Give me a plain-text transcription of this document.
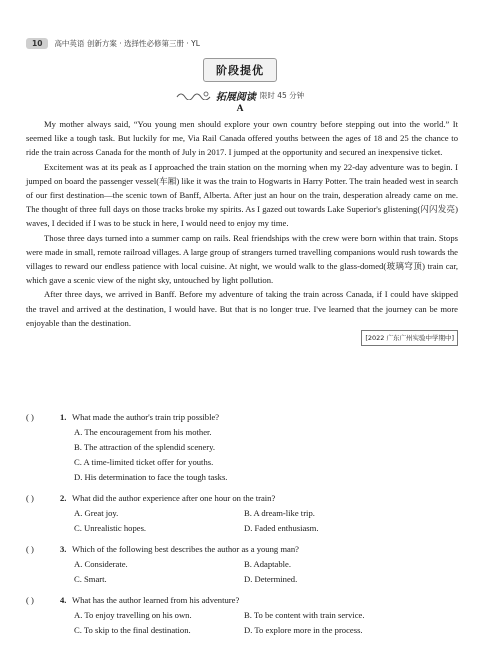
10	高中英语 创新方案 · 选择性必修第三册 · YL
阶段提优
拓展阅读 限时 45 分钟
A

My mother always said, “You young men should explore your own country before stepping out into the world.” It seemed like a tough task. But luckily for me, Via Rail Canada offered youths between the ages of 18 and 25 the chance to ride the train across Canada for the month of July in 2017. I jumped at the opportunity and secured an inexpensive ticket.

Excitement was at its peak as I approached the train station on the morning when my 22-day adventure was to begin. I jumped on board the passenger vessel(车厢) like it was the train to Hogwarts in Harry Potter. The train headed west in search of our first destination—the scenic town of Banff, Alberta. After just an hour on the train, desperation already came on me. The thought of three full days on those tracks broke my spirits. As I gazed out towards Lake Superior's glistening(闪闪发亮) waves, I decided if I was to be stuck in here, I would need to enjoy my time.

Those three days turned into a summer camp on rails. Real friendships with the crew were born within that train. Stops were made in small, remote railroad villages. A large group of strangers turned travelling companions would rush towards the villages to reward our endless patience with local cuisine. At night, we would walk to the glass-domed(玻璃穹顶) train car, which gave a scenic view of the night sky, untouched by light pollution.

After three days, we arrived in Banff. Before my adventure of taking the train across Canada, if I could have skipped the travel and arrived at the destination, I would have. But that is no longer true. I've learned that the journey can be more enjoyable than the destination.

[2022 广东广州实验中学期中]
( )	1. What made the author's train trip possible?
A. The encouragement from his mother.
B. The attraction of the splendid scenery.
C. A time-limited ticket offer for youths.
D. His determination to face the tough tasks.
( )	2. What did the author experience after one hour on the train?
A. Great joy.	B. A dream-like trip.
C. Unrealistic hopes.	D. Faded enthusiasm.
( )	3. Which of the following best describes the author as a young man?
A. Considerate.	B. Adaptable.
C. Smart.	D. Determined.
( )	4. What has the author learned from his adventure?
A. To enjoy travelling on his own.	B. To be content with train service.
C. To skip to the final destination.	D. To explore more in the process.
